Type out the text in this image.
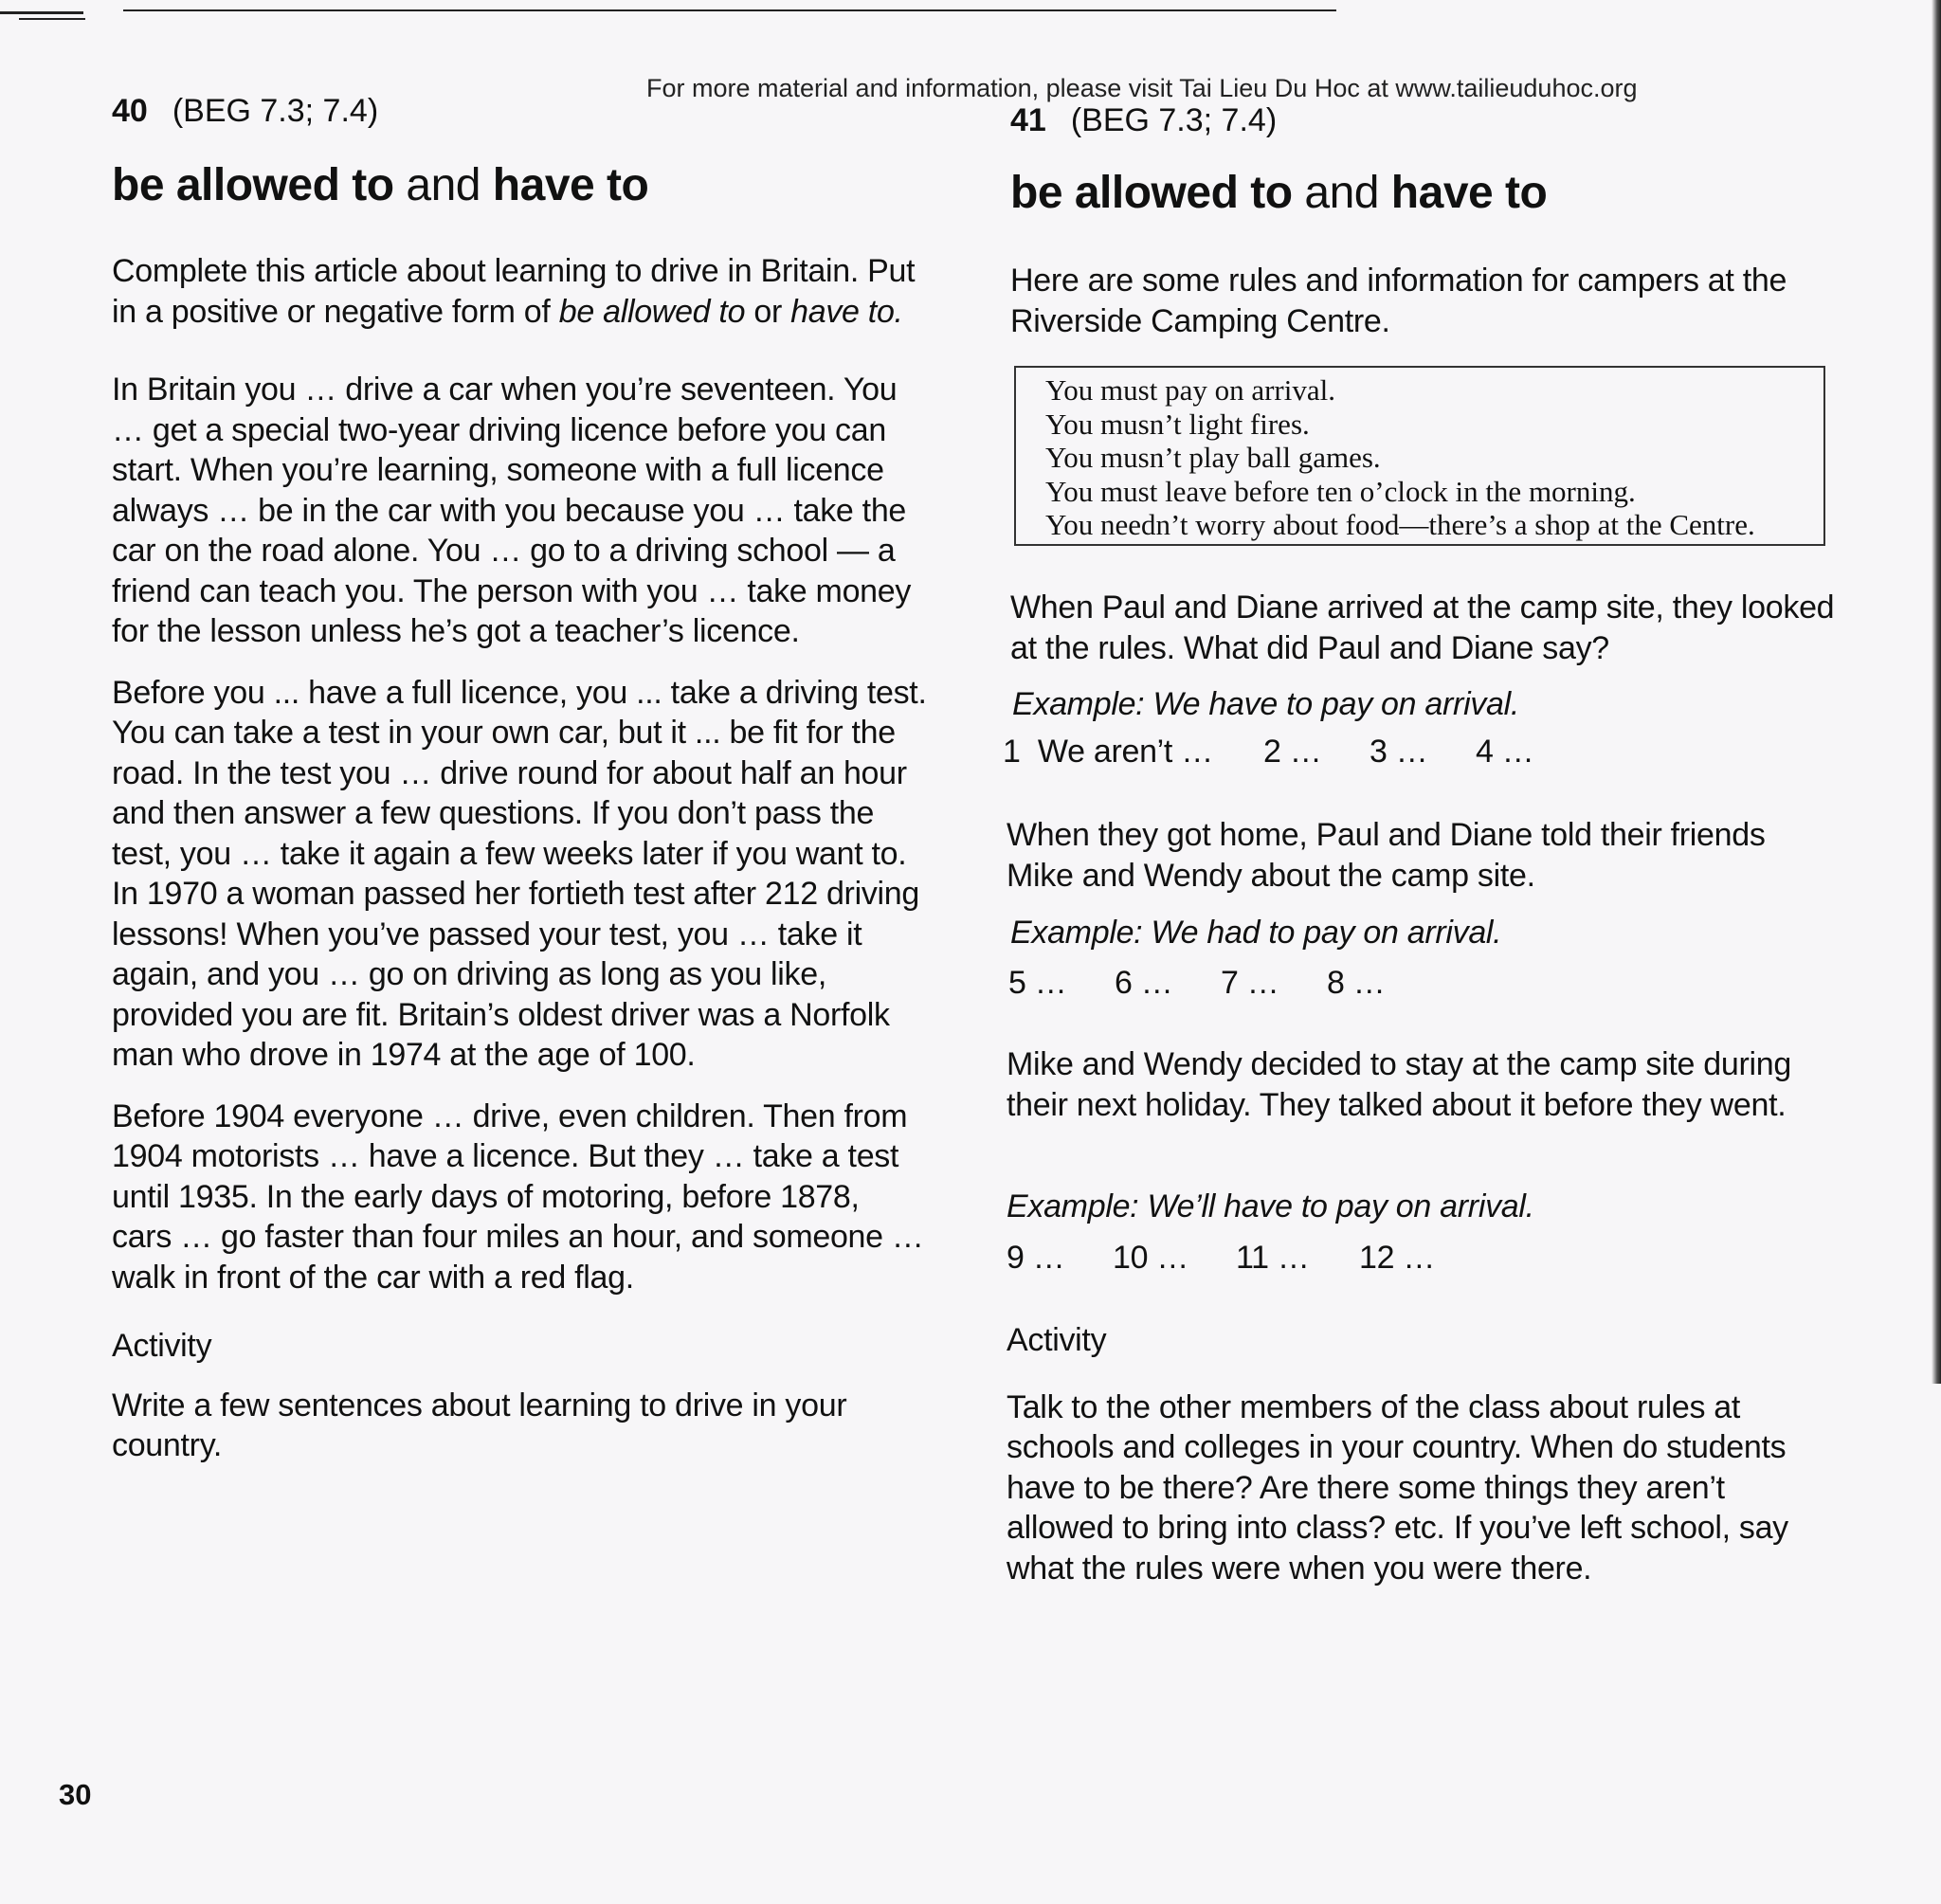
For more material and information, please visit Tai Lieu Du Hoc at www.tailieuduhoc.org
40 (BEG 7.3; 7.4)
be allowed to and have to

Complete this article about learning to drive in Britain. Put in a positive or negative form of be allowed to or have to.

In Britain you … drive a car when you’re seventeen. You … get a special two-year driving licence before you can start. When you’re learning, someone with a full licence always … be in the car with you because you … take the car on the road alone. You … go to a driving school — a friend can teach you. The person with you … take money for the lesson unless he’s got a teacher’s licence.

Before you ... have a full licence, you ... take a driving test. You can take a test in your own car, but it ... be fit for the road. In the test you … drive round for about half an hour and then answer a few questions. If you don’t pass the test, you … take it again a few weeks later if you want to. In 1970 a woman passed her fortieth test after 212 driving lessons! When you’ve passed your test, you … take it again, and you … go on driving as long as you like, provided you are fit. Britain’s oldest driver was a Norfolk man who drove in 1974 at the age of 100.

Before 1904 everyone … drive, even children. Then from 1904 motorists … have a licence. But they … take a test until 1935. In the early days of motoring, before 1878, cars … go faster than four miles an hour, and someone … walk in front of the car with a red flag.

Activity

Write a few sentences about learning to drive in your country.

41 (BEG 7.3; 7.4)
be allowed to and have to

Here are some rules and information for campers at the Riverside Camping Centre.

You must pay on arrival.
You musn’t light fires.
You musn’t play ball games.
You must leave before ten o’clock in the morning.
You needn’t worry about food—there’s a shop at the Centre.

When Paul and Diane arrived at the camp site, they looked at the rules. What did Paul and Diane say?

Example: We have to pay on arrival.
1  We aren’t … 2 … 3 … 4 …

When they got home, Paul and Diane told their friends Mike and Wendy about the camp site.

Example: We had to pay on arrival.
5 … 6 … 7 … 8 …

Mike and Wendy decided to stay at the camp site during their next holiday. They talked about it before they went.

Example: We’ll have to pay on arrival.
9 … 10 … 11 … 12 …

Activity

Talk to the other members of the class about rules at schools and colleges in your country. When do students have to be there? Are there some things they aren’t allowed to bring into class? etc. If you’ve left school, say what the rules were when you were there.

30
